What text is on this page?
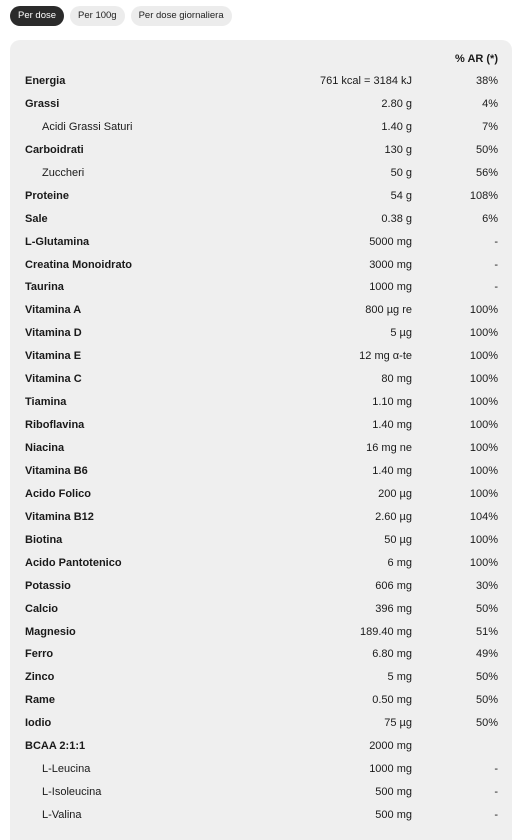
Per dose	Per 100g	Per dose giornaliera
% AR (*)
Energia	761 kcal = 3184 kJ	38%
Grassi	2.80 g	4%
Acidi Grassi Saturi	1.40 g	7%
Carboidrati	130 g	50%
Zuccheri	50 g	56%
Proteine	54 g	108%
Sale	0.38 g	6%
L-Glutamina	5000 mg	-
Creatina Monoidrato	3000 mg	-
Taurina	1000 mg	-
Vitamina A	800 µg re	100%
Vitamina D	5 µg	100%
Vitamina E	12 mg α-te	100%
Vitamina C	80 mg	100%
Tiamina	1.10 mg	100%
Riboflavina	1.40 mg	100%
Niacina	16 mg ne	100%
Vitamina B6	1.40 mg	100%
Acido Folico	200 µg	100%
Vitamina B12	2.60 µg	104%
Biotina	50 µg	100%
Acido Pantotenico	6 mg	100%
Potassio	606 mg	30%
Calcio	396 mg	50%
Magnesio	189.40 mg	51%
Ferro	6.80 mg	49%
Zinco	5 mg	50%
Rame	0.50 mg	50%
Iodio	75 µg	50%
BCAA 2:1:1	2000 mg
L-Leucina	1000 mg	-
L-Isoleucina	500 mg	-
L-Valina	500 mg	-
